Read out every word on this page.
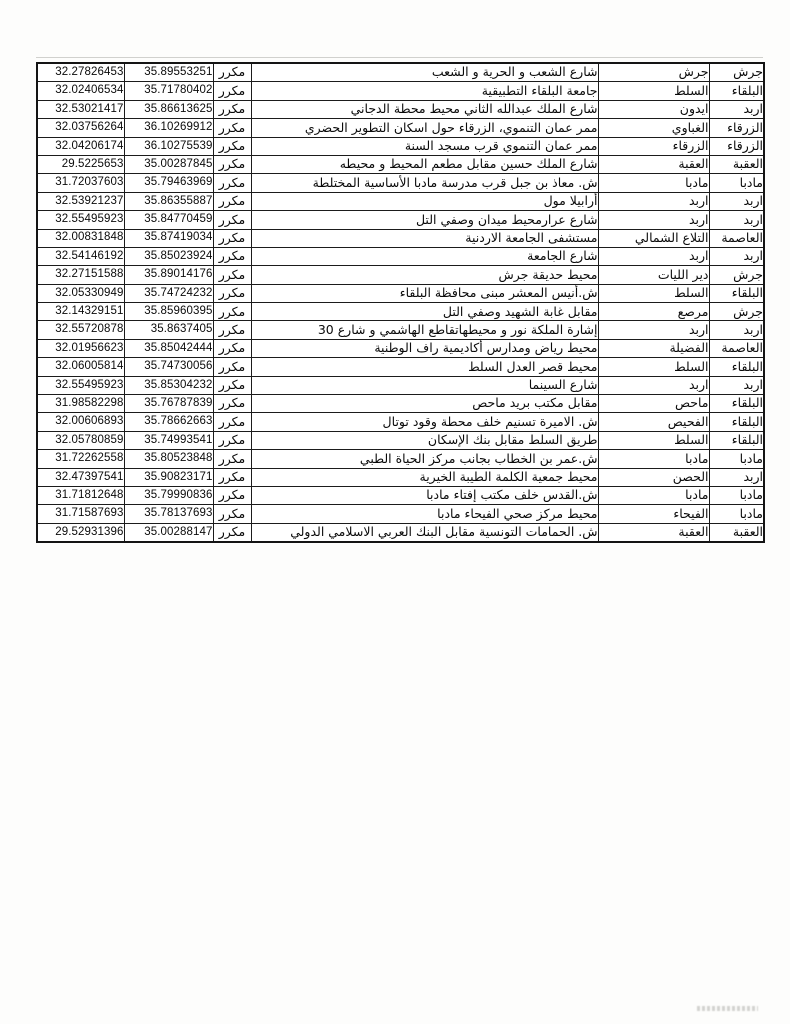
جرش	جرش	شارع الشعب و الحرية و الشعب	مكرر	35.89553251	32.27826453
البلقاء	السلط	جامعة البلقاء التطبيقية	مكرر	35.71780402	32.02406534
اربد	ايدون	شارع الملك عبدالله الثاني محيط محطة الدجاني	مكرر	35.86613625	32.53021417
الزرقاء	الغباوي	ممر عمان التنموي، الزرقاء حول اسكان التطوير الحضري	مكرر	36.10269912	32.03756264
الزرقاء	الزرقاء	ممر عمان التنموي قرب مسجد السنة	مكرر	36.10275539	32.04206174
العقبة	العقبة	شارع الملك حسين مقابل مطعم المحيط و محيطه	مكرر	35.00287845	29.5225653
مادبا	مادبا	ش. معاذ بن جبل قرب مدرسة مادبا الأساسية المختلطة	مكرر	35.79463969	31.72037603
اربد	اربد	أرابيلا مول	مكرر	35.86355887	32.53921237
اربد	اربد	شارع عرارمحيط ميدان وصفي التل	مكرر	35.84770459	32.55495923
العاصمة	التلاع الشمالي	مستشفى الجامعة الاردنية	مكرر	35.87419034	32.00831848
اربد	اربد	شارع الجامعة	مكرر	35.85023924	32.54146192
جرش	دير الليات	محيط حديقة جرش	مكرر	35.89014176	32.27151588
البلقاء	السلط	ش.أنيس المعشر مبنى محافظة البلقاء	مكرر	35.74724232	32.05330949
جرش	مرصع	مقابل غابة الشهيد وصفي التل	مكرر	35.85960395	32.14329151
اربد	اربد	إشارة الملكة نور و محيطهاتقاطع الهاشمي و شارع 30	مكرر	35.8637405	32.55720878
العاصمة	الفضيلة	محيط رياض ومدارس أكاديمية راف الوطنية	مكرر	35.85042444	32.01956623
البلقاء	السلط	محيط قصر العدل السلط	مكرر	35.74730056	32.06005814
اربد	اربد	شارع السينما	مكرر	35.85304232	32.55495923
البلقاء	ماحص	مقابل مكتب بريد ماحص	مكرر	35.76787839	31.98582298
البلقاء	الفحيص	ش. الاميرة تسنيم خلف محطة وقود توتال	مكرر	35.78662663	32.00606893
البلقاء	السلط	طريق السلط مقابل بنك الإسكان	مكرر	35.74993541	32.05780859
مادبا	مادبا	ش.عمر بن الخطاب بجانب مركز الحياة الطبي	مكرر	35.80523848	31.72262558
اربد	الحصن	محيط جمعية الكلمة الطيبة الخيرية	مكرر	35.90823171	32.47397541
مادبا	مادبا	ش.القدس خلف مكتب إفتاء مادبا	مكرر	35.79990836	31.71812648
مادبا	الفيحاء	محيط مركز صحي الفيحاء مادبا	مكرر	35.78137693	31.71587693
العقبة	العقبة	ش. الحمامات التونسية مقابل البنك العربي الاسلامي الدولي	مكرر	35.00288147	29.52931396
